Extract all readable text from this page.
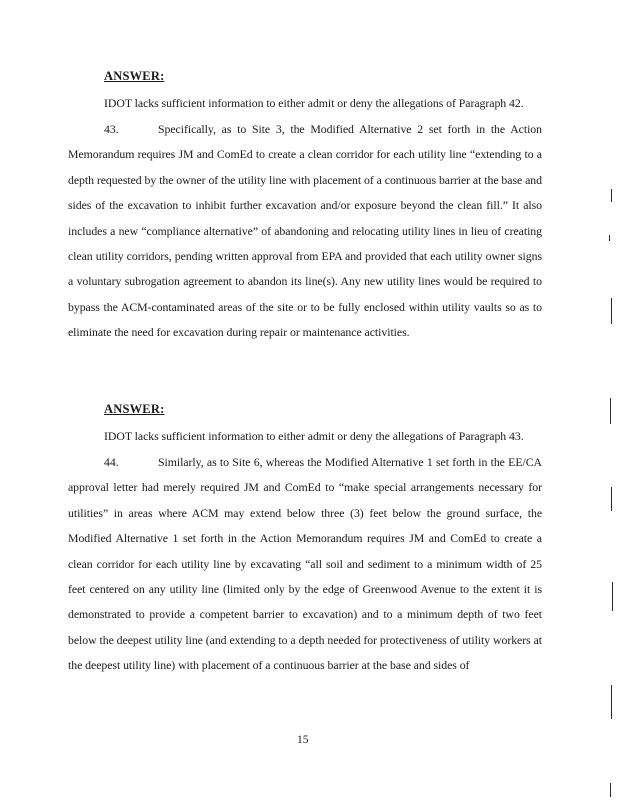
ANSWER:
IDOT lacks sufficient information to either admit or deny the allegations of Paragraph 42.
43.	Specifically, as to Site 3, the Modified Alternative 2 set forth in the Action Memorandum requires JM and ComEd to create a clean corridor for each utility line “extending to a depth requested by the owner of the utility line with placement of a continuous barrier at the base and sides of the excavation to inhibit further excavation and/or exposure beyond the clean fill.” It also includes a new “compliance alternative” of abandoning and relocating utility lines in lieu of creating clean utility corridors, pending written approval from EPA and provided that each utility owner signs a voluntary subrogation agreement to abandon its line(s). Any new utility lines would be required to bypass the ACM-contaminated areas of the site or to be fully enclosed within utility vaults so as to eliminate the need for excavation during repair or maintenance activities.
ANSWER:
IDOT lacks sufficient information to either admit or deny the allegations of Paragraph 43.
44.	Similarly, as to Site 6, whereas the Modified Alternative 1 set forth in the EE/CA approval letter had merely required JM and ComEd to “make special arrangements necessary for utilities” in areas where ACM may extend below three (3) feet below the ground surface, the Modified Alternative 1 set forth in the Action Memorandum requires JM and ComEd to create a clean corridor for each utility line by excavating “all soil and sediment to a minimum width of 25 feet centered on any utility line (limited only by the edge of Greenwood Avenue to the extent it is demonstrated to provide a competent barrier to excavation) and to a minimum depth of two feet below the deepest utility line (and extending to a depth needed for protectiveness of utility workers at the deepest utility line) with placement of a continuous barrier at the base and sides of
15
